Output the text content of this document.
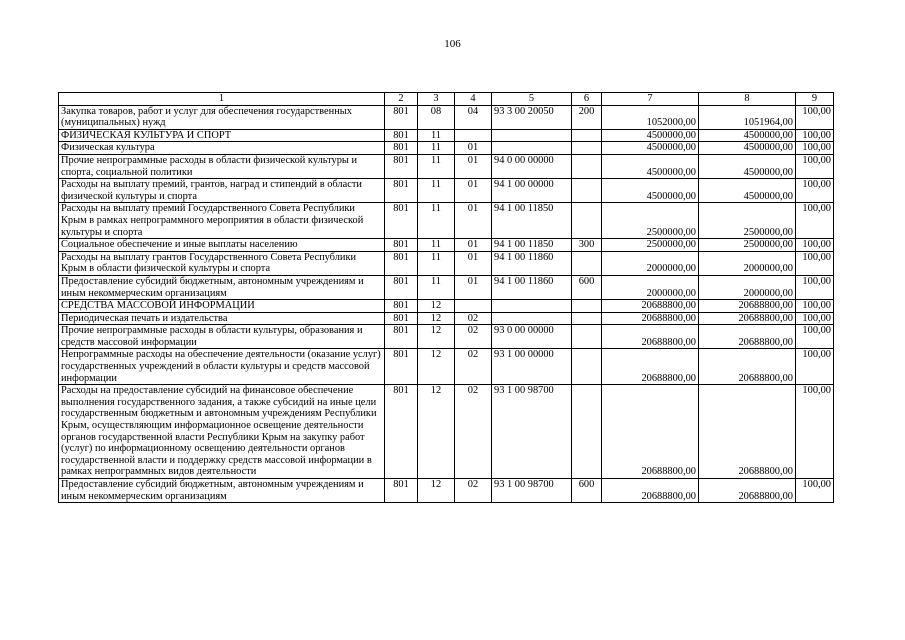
106
1	2	3	4	5	6	7	8	9
Закупка товаров, работ и услуг для обеспечения государственных (муниципальных) нужд	801	08	04	93 3 00 20050	200	1052000,00	1051964,00	100,00
ФИЗИЧЕСКАЯ КУЛЬТУРА И СПОРТ	801	11				4500000,00	4500000,00	100,00
Физическая культура	801	11	01			4500000,00	4500000,00	100,00
Прочие непрограммные расходы в области физической культуры и спорта, социальной политики	801	11	01	94 0 00 00000		4500000,00	4500000,00	100,00
Расходы на выплату премий, грантов, наград и стипендий в области физической культуры и спорта	801	11	01	94 1 00 00000		4500000,00	4500000,00	100,00
Расходы на выплату премий Государственного Совета Республики Крым в рамках непрограммного мероприятия в области физической культуры и спорта	801	11	01	94 1 00 11850		2500000,00	2500000,00	100,00
Социальное обеспечение и иные выплаты населению	801	11	01	94 1 00 11850	300	2500000,00	2500000,00	100,00
Расходы на выплату грантов Государственного Совета Республики Крым в области физической культуры и спорта	801	11	01	94 1 00 11860		2000000,00	2000000,00	100,00
Предоставление субсидий бюджетным, автономным учреждениям и иным некоммерческим организациям	801	11	01	94 1 00 11860	600	2000000,00	2000000,00	100,00
СРЕДСТВА МАССОВОЙ ИНФОРМАЦИИ	801	12				20688800,00	20688800,00	100,00
Периодическая печать и издательства	801	12	02			20688800,00	20688800,00	100,00
Прочие непрограммные расходы в области культуры, образования и средств массовой информации	801	12	02	93 0 00 00000		20688800,00	20688800,00	100,00
Непрограммные расходы на обеспечение деятельности (оказание услуг) государственных учреждений в области культуры и средств массовой информации	801	12	02	93 1 00 00000		20688800,00	20688800,00	100,00
Расходы на предоставление субсидий на финансовое обеспечение выполнения государственного задания, а также субсидий на иные цели государственным бюджетным и автономным учреждениям Республики Крым, осуществляющим информационное освещение деятельности органов государственной власти Республики Крым на закупку работ (услуг) по информационному освещению деятельности органов государственной власти и поддержку средств массовой информации в рамках непрограммных видов деятельности	801	12	02	93 1 00 98700		20688800,00	20688800,00	100,00
Предоставление субсидий бюджетным, автономным учреждениям и иным некоммерческим организациям	801	12	02	93 1 00 98700	600	20688800,00	20688800,00	100,00
